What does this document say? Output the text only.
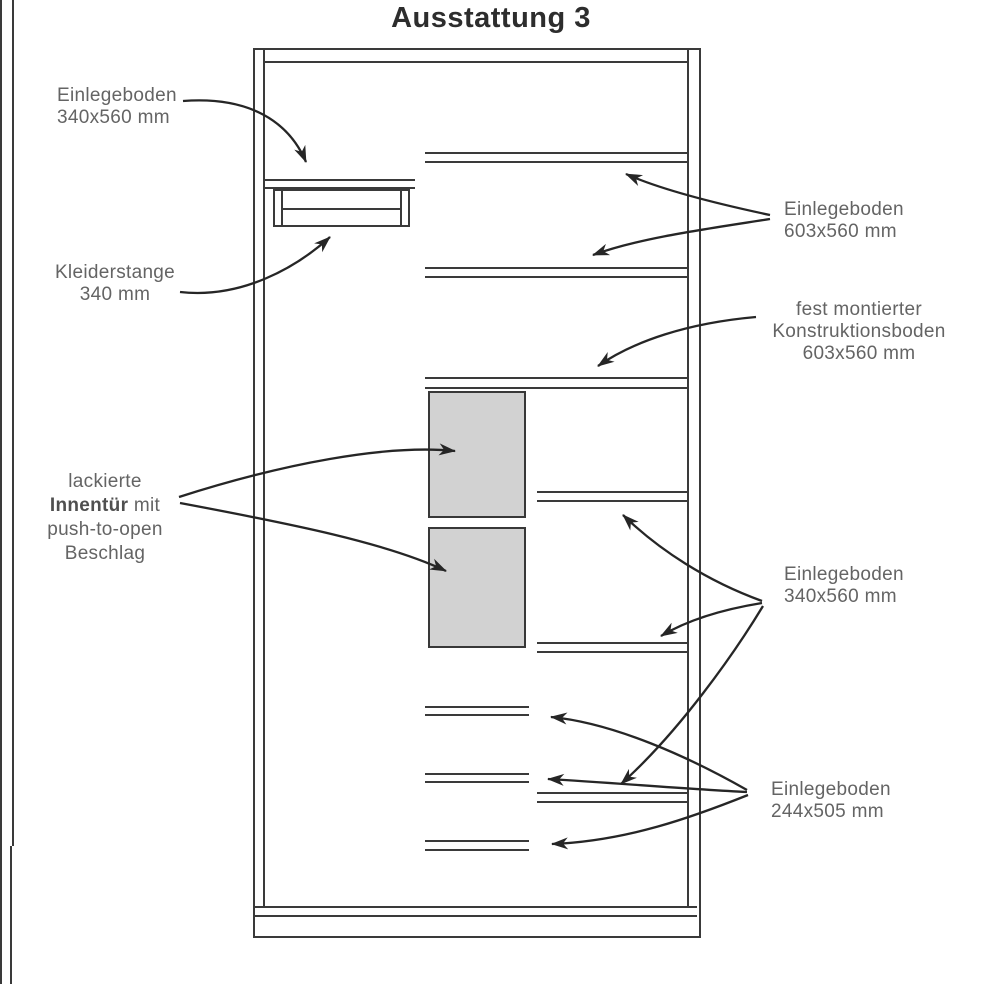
Ausstattung 3
Einlegeboden
340x560 mm
Kleiderstange
340 mm
lackierte
Innentür mit
push-to-open
Beschlag
Einlegeboden
603x560 mm
fest montierter
Konstruktionsboden
603x560 mm
Einlegeboden
340x560 mm
Einlegeboden
244x505 mm
